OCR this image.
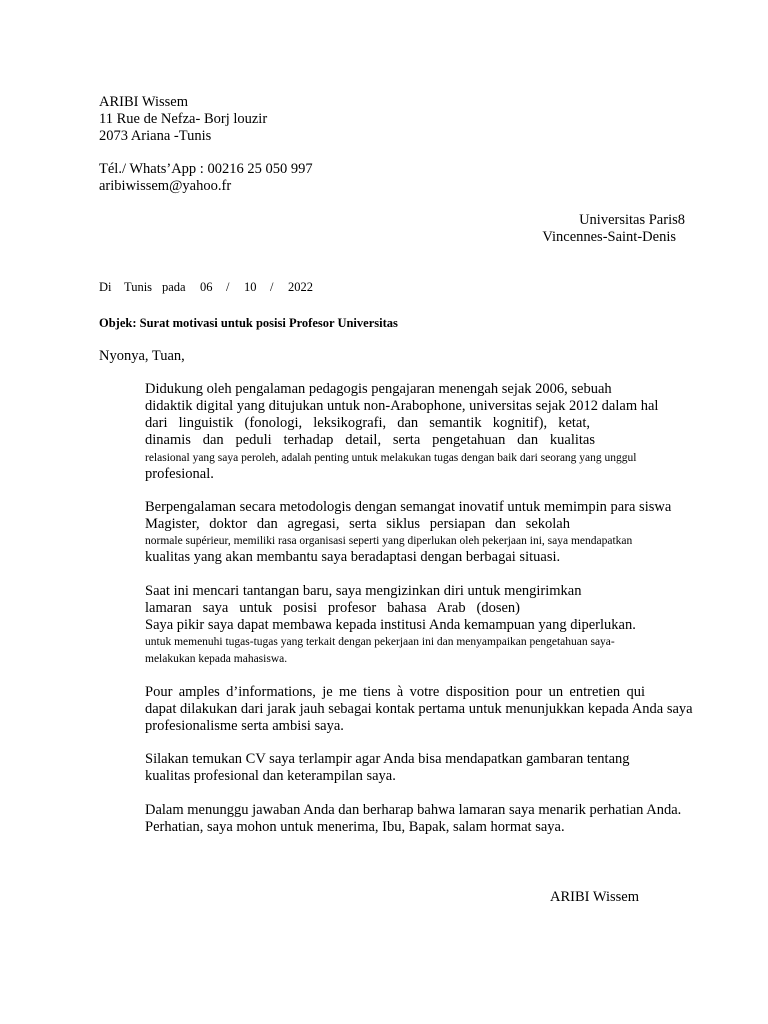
ARIBI Wissem
11 Rue de Nefza- Borj louzir
2073 Ariana -Tunis
Tél./ Whats’App : 00216 25 050 997
aribiwissem@yahoo.fr
Universitas Paris8
Vincennes-Saint-Denis
Di Tunis pada 06 / 10 / 2022
Objek: Surat motivasi untuk posisi Profesor Universitas
Nyonya, Tuan,
Didukung oleh pengalaman pedagogis pengajaran menengah sejak 2006, sebuah
didaktik digital yang ditujukan untuk non-Arabophone, universitas sejak 2012 dalam hal
dari linguistik (fonologi, leksikografi, dan semantik kognitif), ketat,
dinamis dan peduli terhadap detail, serta pengetahuan dan kualitas
relasional yang saya peroleh, adalah penting untuk melakukan tugas dengan baik dari seorang yang unggul
profesional.
Berpengalaman secara metodologis dengan semangat inovatif untuk memimpin para siswa
Magister, doktor dan agregasi, serta siklus persiapan dan sekolah
normale supérieur, memiliki rasa organisasi seperti yang diperlukan oleh pekerjaan ini, saya mendapatkan
kualitas yang akan membantu saya beradaptasi dengan berbagai situasi.
Saat ini mencari tantangan baru, saya mengizinkan diri untuk mengirimkan
lamaran saya untuk posisi profesor bahasa Arab (dosen)
Saya pikir saya dapat membawa kepada institusi Anda kemampuan yang diperlukan.
untuk memenuhi tugas-tugas yang terkait dengan pekerjaan ini dan menyampaikan pengetahuan saya-
melakukan kepada mahasiswa.
Pour amples d’informations, je me tiens à votre disposition pour un entretien qui
dapat dilakukan dari jarak jauh sebagai kontak pertama untuk menunjukkan kepada Anda saya
profesionalisme serta ambisi saya.
Silakan temukan CV saya terlampir agar Anda bisa mendapatkan gambaran tentang
kualitas profesional dan keterampilan saya.
Dalam menunggu jawaban Anda dan berharap bahwa lamaran saya menarik perhatian Anda.
Perhatian, saya mohon untuk menerima, Ibu, Bapak, salam hormat saya.
ARIBI Wissem
